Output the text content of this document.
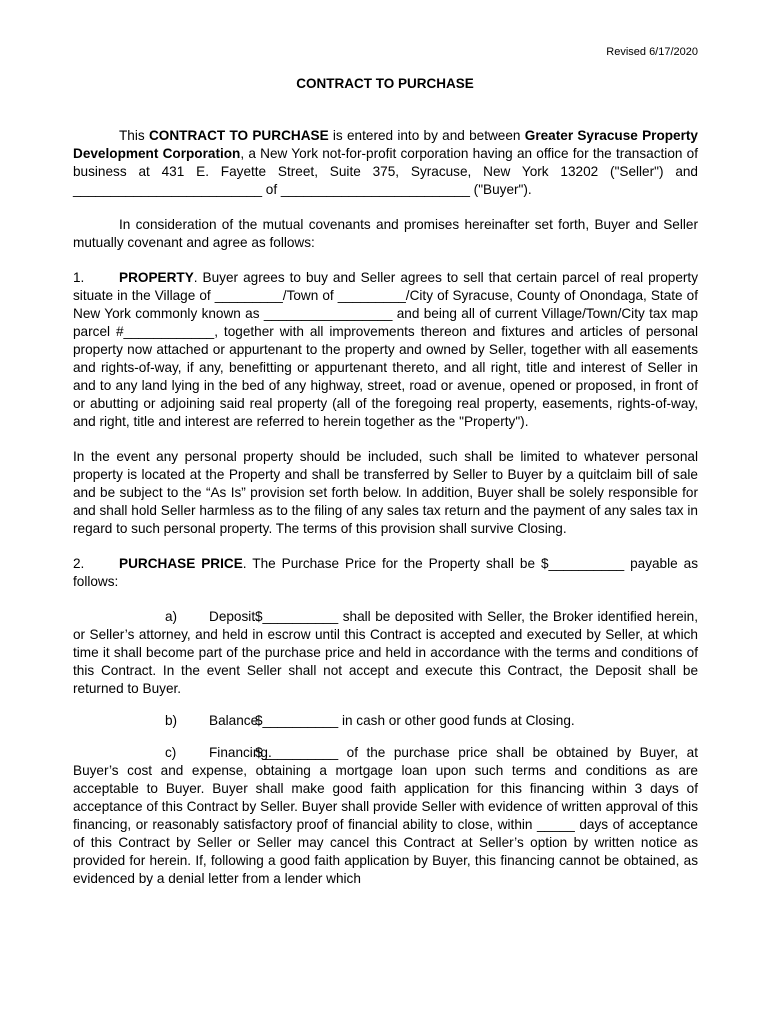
Revised 6/17/2020
CONTRACT TO PURCHASE

This CONTRACT TO PURCHASE is entered into by and between Greater Syracuse Property Development Corporation, a New York not-for-profit corporation having an office for the transaction of business at 431 E. Fayette Street, Suite 375, Syracuse, New York 13202 ("Seller") and _________________________ of _________________________ ("Buyer").

In consideration of the mutual covenants and promises hereinafter set forth, Buyer and Seller mutually covenant and agree as follows:

1.	PROPERTY. Buyer agrees to buy and Seller agrees to sell that certain parcel of real property situate in the Village of _________/Town of _________/City of Syracuse, County of Onondaga, State of New York commonly known as _________________ and being all of current Village/Town/City tax map parcel #____________, together with all improvements thereon and fixtures and articles of personal property now attached or appurtenant to the property and owned by Seller, together with all easements and rights-of-way, if any, benefitting or appurtenant thereto, and all right, title and interest of Seller in and to any land lying in the bed of any highway, street, road or avenue, opened or proposed, in front of or abutting or adjoining said real property (all of the foregoing real property, easements, rights-of-way, and right, title and interest are referred to herein together as the "Property").

In the event any personal property should be included, such shall be limited to whatever personal property is located at the Property and shall be transferred by Seller to Buyer by a quitclaim bill of sale and be subject to the “As Is” provision set forth below. In addition, Buyer shall be solely responsible for and shall hold Seller harmless as to the filing of any sales tax return and the payment of any sales tax in regard to such personal property. The terms of this provision shall survive Closing.

2.	PURCHASE PRICE. The Purchase Price for the Property shall be $__________ payable as follows:

a) Deposit.$__________ shall be deposited with Seller, the Broker identified herein, or Seller’s attorney, and held in escrow until this Contract is accepted and executed by Seller, at which time it shall become part of the purchase price and held in accordance with the terms and conditions of this Contract. In the event Seller shall not accept and execute this Contract, the Deposit shall be returned to Buyer.

b) Balance.$__________ in cash or other good funds at Closing.

c) Financing.$__________ of the purchase price shall be obtained by Buyer, at Buyer’s cost and expense, obtaining a mortgage loan upon such terms and conditions as are acceptable to Buyer. Buyer shall make good faith application for this financing within 3 days of acceptance of this Contract by Seller. Buyer shall provide Seller with evidence of written approval of this financing, or reasonably satisfactory proof of financial ability to close, within _____ days of acceptance of this Contract by Seller or Seller may cancel this Contract at Seller’s option by written notice as provided for herein. If, following a good faith application by Buyer, this financing cannot be obtained, as evidenced by a denial letter from a lender which
